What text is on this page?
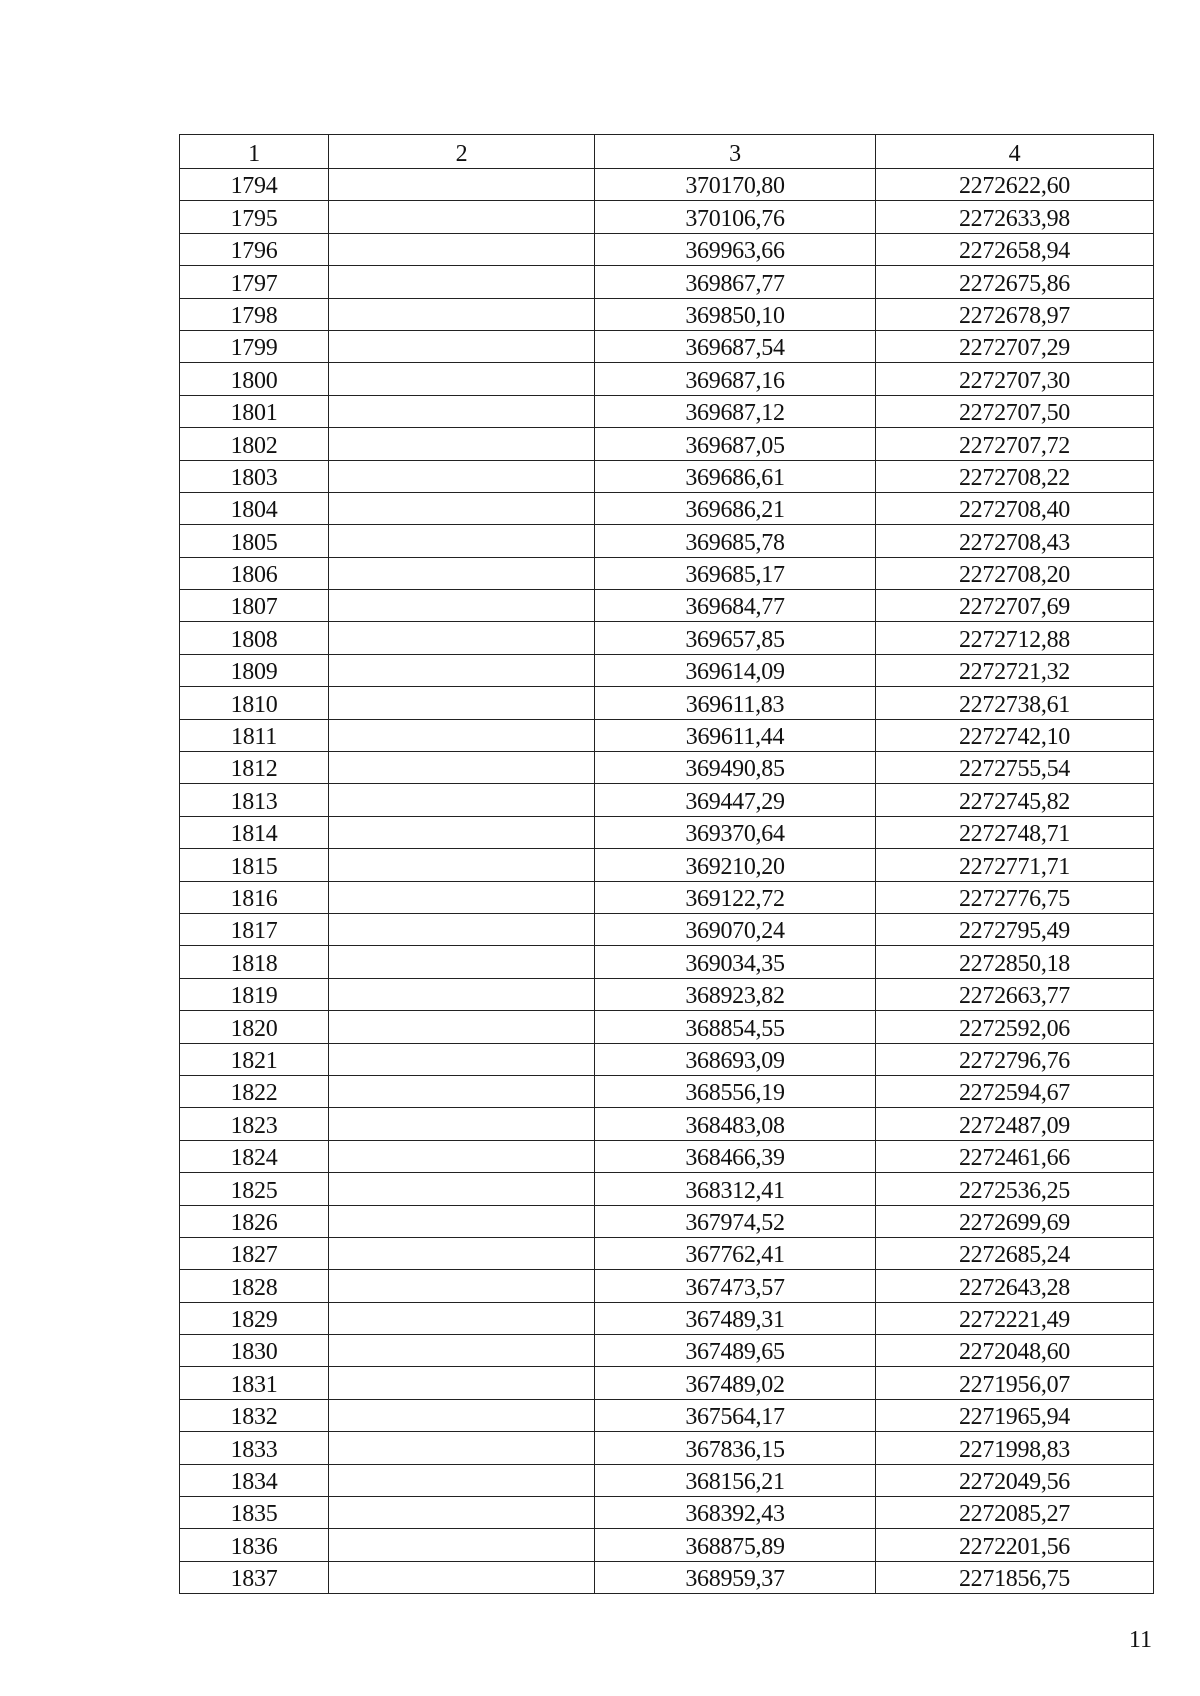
1	2	3	4
1794		370170,80	2272622,60
1795		370106,76	2272633,98
1796		369963,66	2272658,94
1797		369867,77	2272675,86
1798		369850,10	2272678,97
1799		369687,54	2272707,29
1800		369687,16	2272707,30
1801		369687,12	2272707,50
1802		369687,05	2272707,72
1803		369686,61	2272708,22
1804		369686,21	2272708,40
1805		369685,78	2272708,43
1806		369685,17	2272708,20
1807		369684,77	2272707,69
1808		369657,85	2272712,88
1809		369614,09	2272721,32
1810		369611,83	2272738,61
1811		369611,44	2272742,10
1812		369490,85	2272755,54
1813		369447,29	2272745,82
1814		369370,64	2272748,71
1815		369210,20	2272771,71
1816		369122,72	2272776,75
1817		369070,24	2272795,49
1818		369034,35	2272850,18
1819		368923,82	2272663,77
1820		368854,55	2272592,06
1821		368693,09	2272796,76
1822		368556,19	2272594,67
1823		368483,08	2272487,09
1824		368466,39	2272461,66
1825		368312,41	2272536,25
1826		367974,52	2272699,69
1827		367762,41	2272685,24
1828		367473,57	2272643,28
1829		367489,31	2272221,49
1830		367489,65	2272048,60
1831		367489,02	2271956,07
1832		367564,17	2271965,94
1833		367836,15	2271998,83
1834		368156,21	2272049,56
1835		368392,43	2272085,27
1836		368875,89	2272201,56
1837		368959,37	2271856,75
11
